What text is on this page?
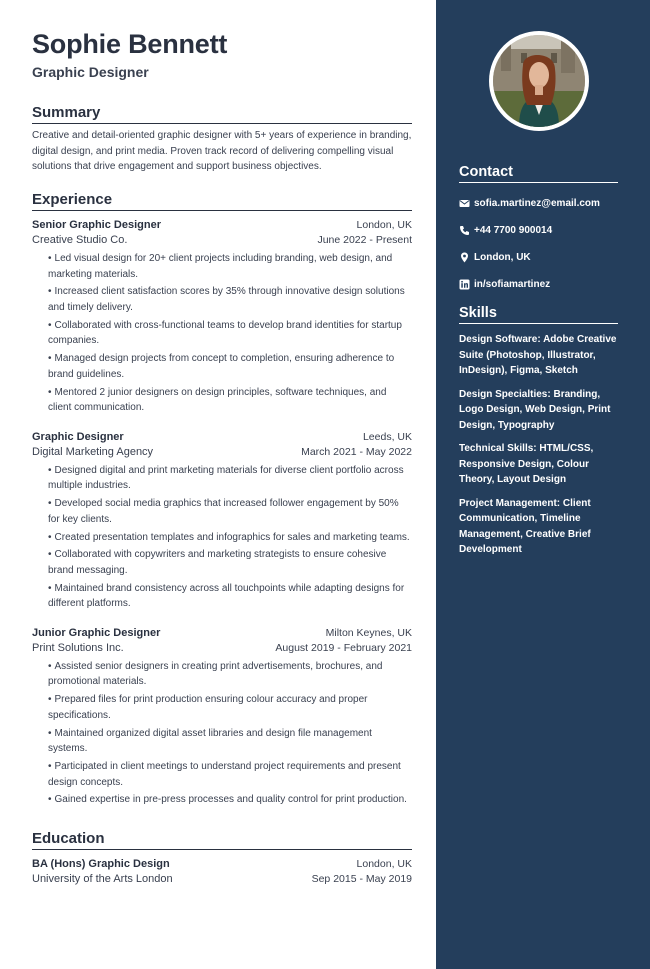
Sophie Bennett
Graphic Designer
Summary
Creative and detail-oriented graphic designer with 5+ years of experience in branding, digital design, and print media. Proven track record of delivering compelling visual solutions that drive engagement and support business objectives.
Experience
Senior Graphic Designer	London, UK
Creative Studio Co.	June 2022 - Present
• Led visual design for 20+ client projects including branding, web design, and marketing materials.
• Increased client satisfaction scores by 35% through innovative design solutions and timely delivery.
• Collaborated with cross-functional teams to develop brand identities for startup companies.
• Managed design projects from concept to completion, ensuring adherence to brand guidelines.
• Mentored 2 junior designers on design principles, software techniques, and client communication.
Graphic Designer	Leeds, UK
Digital Marketing Agency	March 2021 - May 2022
• Designed digital and print marketing materials for diverse client portfolio across multiple industries.
• Developed social media graphics that increased follower engagement by 50% for key clients.
• Created presentation templates and infographics for sales and marketing teams.
• Collaborated with copywriters and marketing strategists to ensure cohesive brand messaging.
• Maintained brand consistency across all touchpoints while adapting designs for different platforms.
Junior Graphic Designer	Milton Keynes, UK
Print Solutions Inc.	August 2019 - February 2021
• Assisted senior designers in creating print advertisements, brochures, and promotional materials.
• Prepared files for print production ensuring colour accuracy and proper specifications.
• Maintained organized digital asset libraries and design file management systems.
• Participated in client meetings to understand project requirements and present design concepts.
• Gained expertise in pre-press processes and quality control for print production.
Education
BA (Hons) Graphic Design	London, UK
University of the Arts London	Sep 2015 - May 2019
Contact
sofia.martinez@email.com
+44 7700 900014
London, UK
in/sofiamartinez
Skills
Design Software: Adobe Creative Suite (Photoshop, Illustrator, InDesign), Figma, Sketch
Design Specialties: Branding, Logo Design, Web Design, Print Design, Typography
Technical Skills: HTML/CSS, Responsive Design, Colour Theory, Layout Design
Project Management: Client Communication, Timeline Management, Creative Brief Development
